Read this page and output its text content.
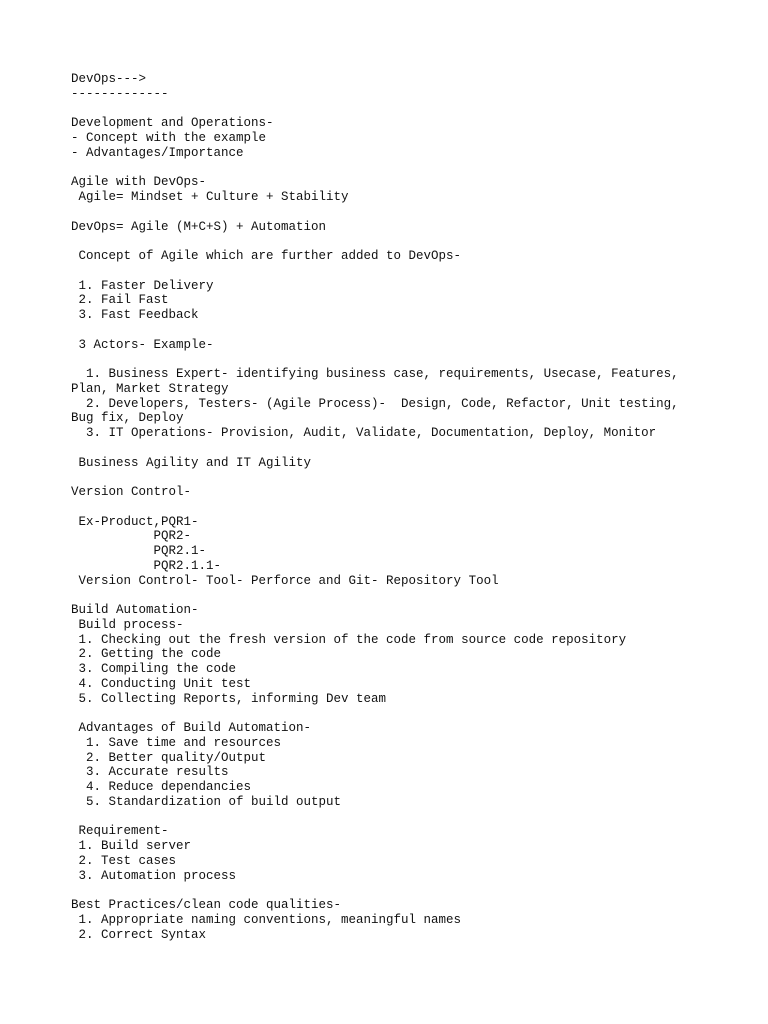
DevOps--->
-------------
Development and Operations-
- Concept with the example
- Advantages/Importance
Agile with DevOps-
Agile= Mindset + Culture + Stability
DevOps= Agile (M+C+S) + Automation
Concept of Agile which are further added to DevOps-
1. Faster Delivery
2. Fail Fast
3. Fast Feedback
3 Actors- Example-
1. Business Expert- identifying business case, requirements, Usecase, Features,
Plan, Market Strategy
2. Developers, Testers- (Agile Process)-  Design, Code, Refactor, Unit testing,
Bug fix, Deploy
3. IT Operations- Provision, Audit, Validate, Documentation, Deploy, Monitor
Business Agility and IT Agility
Version Control-
Ex-Product,PQR1-
PQR2-
PQR2.1-
PQR2.1.1-
Version Control- Tool- Perforce and Git- Repository Tool
Build Automation-
Build process-
1. Checking out the fresh version of the code from source code repository
2. Getting the code
3. Compiling the code
4. Conducting Unit test
5. Collecting Reports, informing Dev team
Advantages of Build Automation-
1. Save time and resources
2. Better quality/Output
3. Accurate results
4. Reduce dependancies
5. Standardization of build output
Requirement-
1. Build server
2. Test cases
3. Automation process
Best Practices/clean code qualities-
1. Appropriate naming conventions, meaningful names
2. Correct Syntax
